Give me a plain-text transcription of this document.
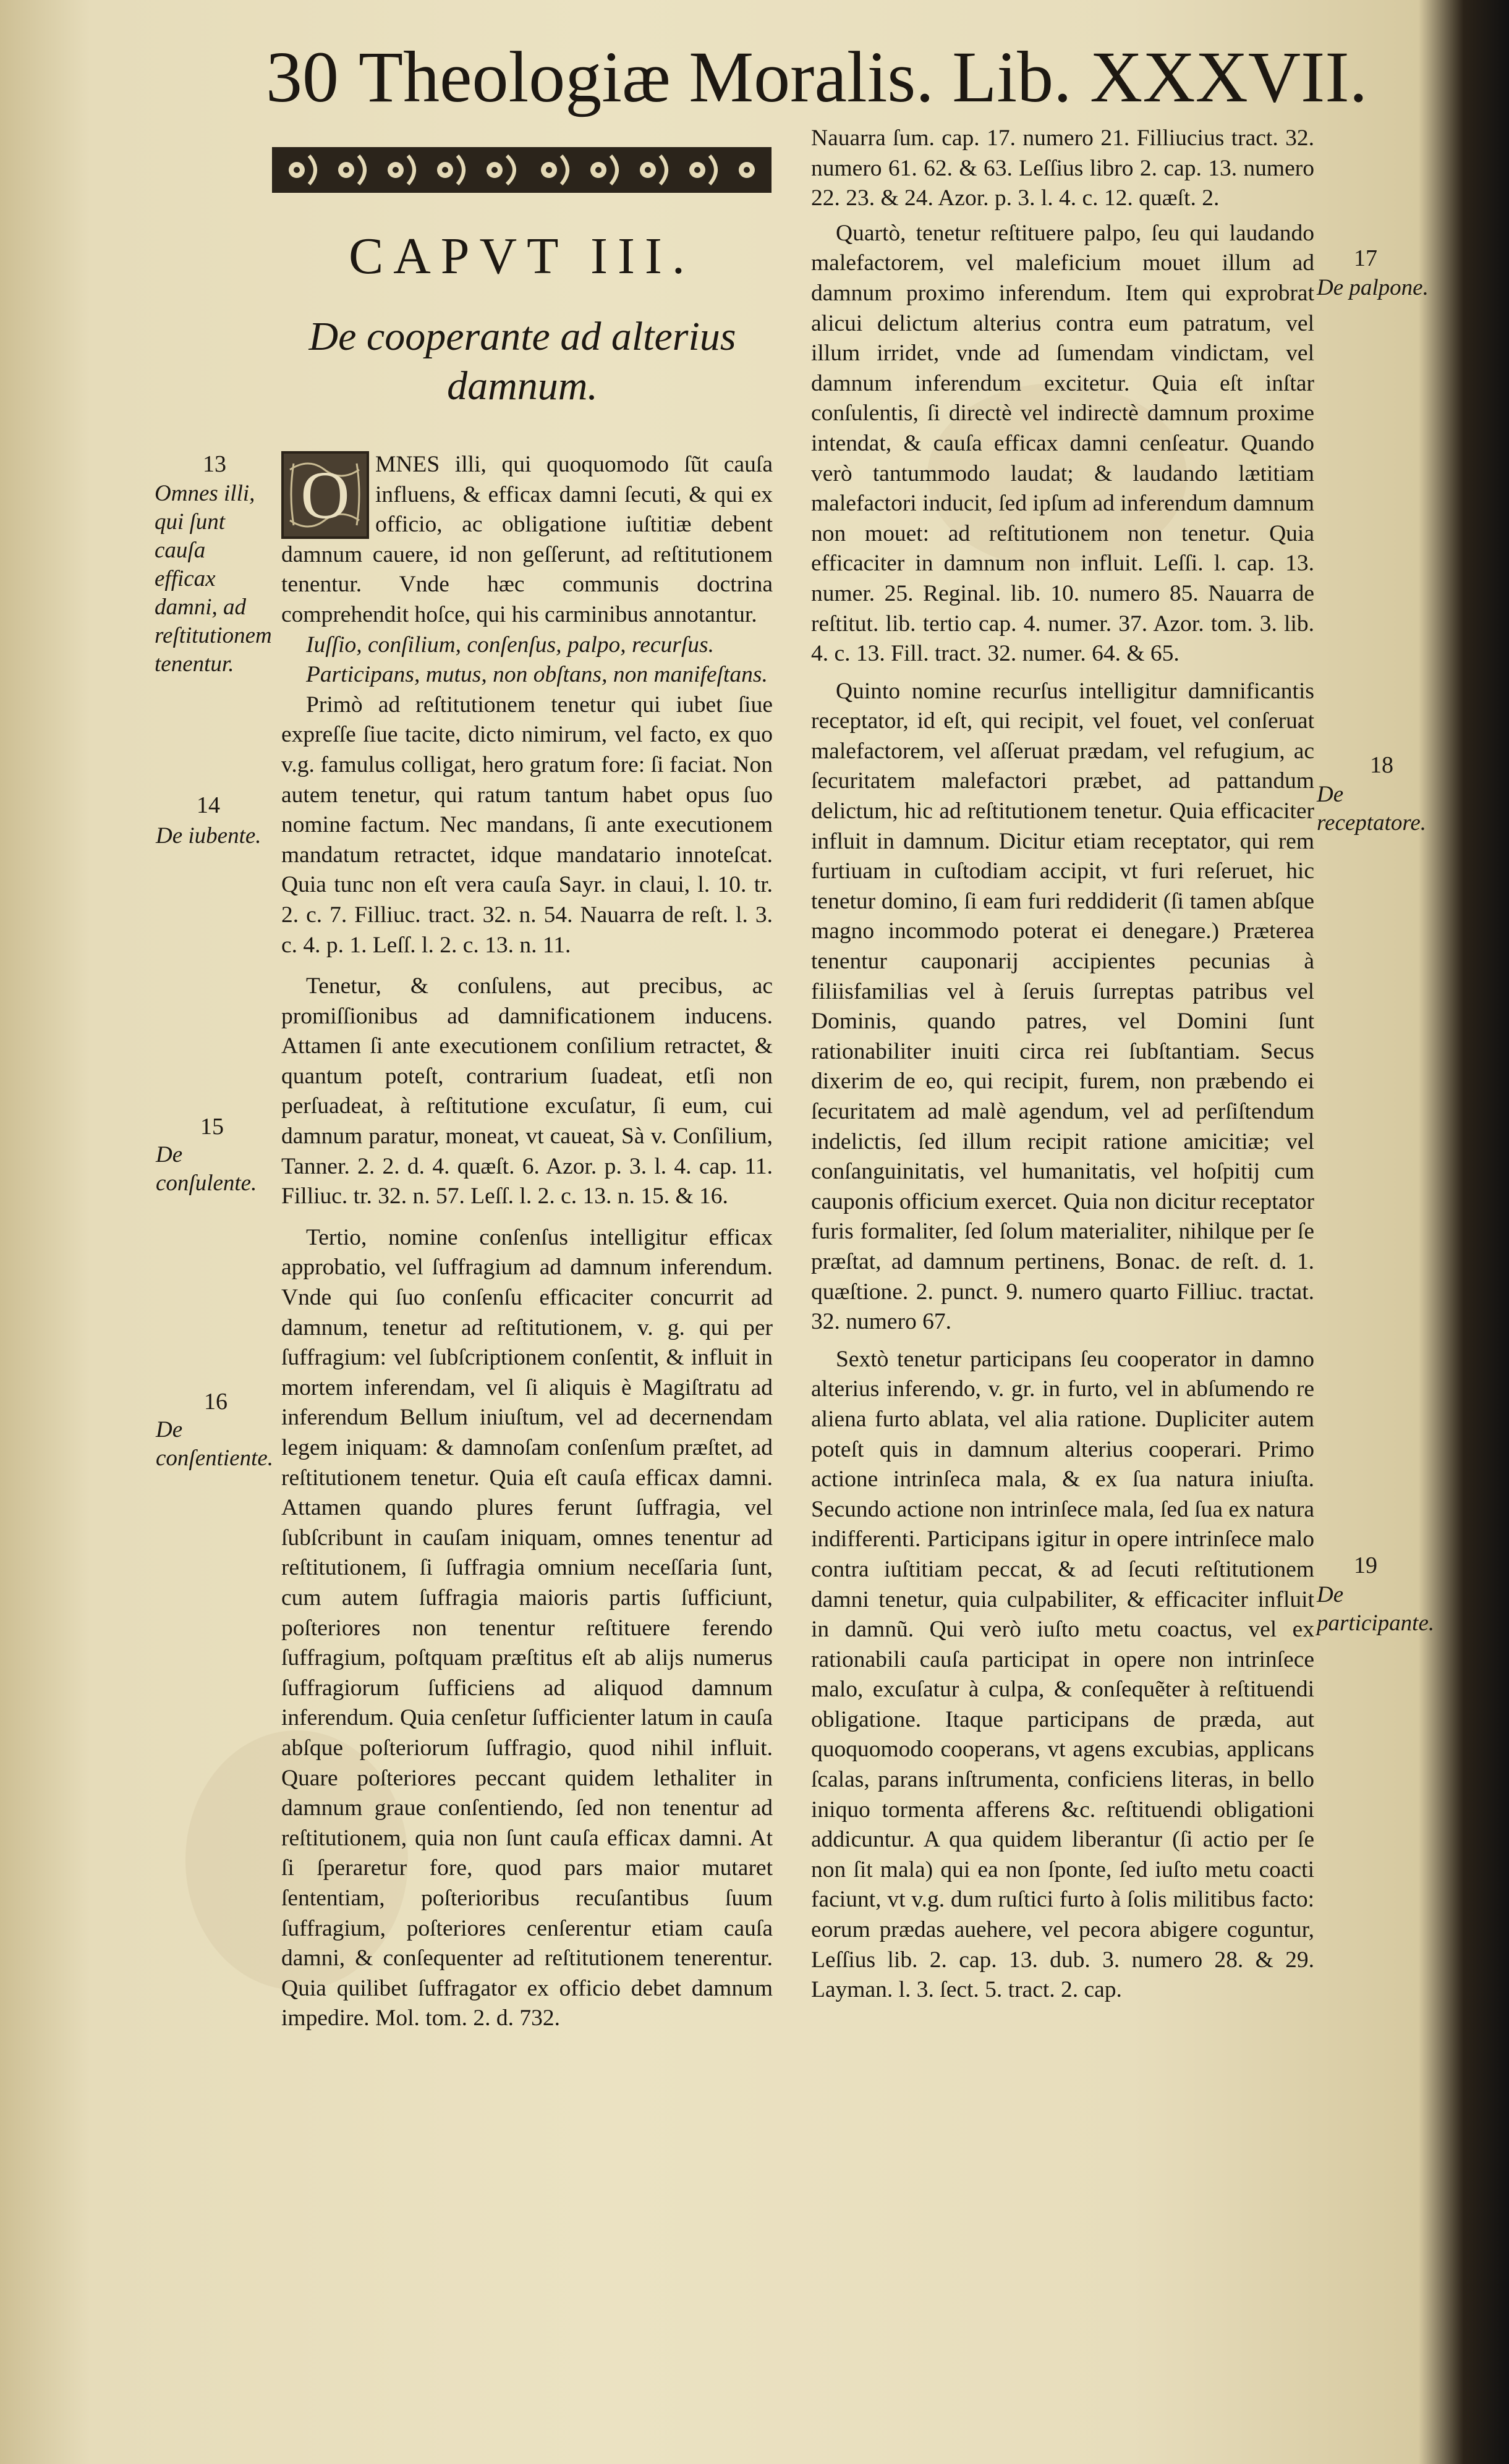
30 Theologiæ Moralis. Lib. XXXVII.
CAPVT III.
De cooperante ad alterius damnum.
13
Omnes illi, qui ſunt cauſa efficax damni, ad reſtitutionem tenentur.
14
De iubente.
15
De conſulente.
16
De conſentiente.
O	MNES illi, qui quoquomodo ſũt cauſa influens, & efficax damni ſecuti, & qui ex officio, ac obligatione iuſtitiæ debent damnum cauere, id non geſſerunt, ad reſtitutionem tenentur. Vnde hæc communis doctrina comprehendit hoſce, qui his carminibus annotantur.

Iuſſio, conſilium, conſenſus, palpo, recurſus.

Participans, mutus, non obſtans, non manifeſtans.

Primò ad reſtitutionem tenetur qui iubet ſiue expreſſe ſiue tacite, dicto nimirum, vel facto, ex quo v.g. famulus colligat, hero gratum fore: ſi faciat. Non autem tenetur, qui ratum tantum habet opus ſuo nomine factum. Nec mandans, ſi ante executionem mandatum retractet, idque mandatario innoteſcat. Quia tunc non eſt vera cauſa Sayr. in claui, l. 10. tr. 2. c. 7. Filliuc. tract. 32. n. 54. Nauarra de reſt. l. 3. c. 4. p. 1. Leſſ. l. 2. c. 13. n. 11.

Tenetur, & conſulens, aut precibus, ac promiſſionibus ad damnificationem inducens. Attamen ſi ante executionem conſilium retractet, & quantum poteſt, contrarium ſuadeat, etſi non perſuadeat, à reſtitutione excuſatur, ſi eum, cui damnum paratur, moneat, vt caueat, Sà v. Conſilium, Tanner. 2. 2. d. 4. quæſt. 6. Azor. p. 3. l. 4. cap. 11. Filliuc. tr. 32. n. 57. Leſſ. l. 2. c. 13. n. 15. & 16.

Tertio, nomine conſenſus intelligitur efficax approbatio, vel ſuffragium ad damnum inferendum. Vnde qui ſuo conſenſu efficaciter concurrit ad damnum, tenetur ad reſtitutionem, v. g. qui per ſuffragium: vel ſubſcriptionem conſentit, & influit in mortem inferendam, vel ſi aliquis è Magiſtratu ad inferendum Bellum iniuſtum, vel ad decernendam legem iniquam: & damnoſam conſenſum præſtet, ad reſtitutionem tenetur. Quia eſt cauſa efficax damni. Attamen quando plures ferunt ſuffragia, vel ſubſcribunt in cauſam iniquam, omnes tenentur ad reſtitutionem, ſi ſuffragia omnium neceſſaria ſunt, cum autem ſuffragia maioris partis ſufficiunt, poſteriores non tenentur reſtituere ferendo ſuffragium, poſtquam præſtitus eſt ab alijs numerus ſuffragiorum ſufficiens ad aliquod damnum inferendum. Quia cenſetur ſufficienter latum in cauſa abſque poſteriorum ſuffragio, quod nihil influit. Quare poſteriores peccant quidem lethaliter in damnum graue conſentiendo, ſed non tenentur ad reſtitutionem, quia non ſunt cauſa efficax damni. At ſi ſperaretur fore, quod pars maior mutaret ſententiam, poſterioribus recuſantibus ſuum ſuffragium, poſteriores cenſerentur etiam cauſa damni, & conſequenter ad reſtitutionem tenerentur. Quia quilibet ſuffragator ex officio debet damnum impedire. Mol. tom. 2. d. 732.

Nauarra ſum. cap. 17. numero 21. Filliucius tract. 32. numero 61. 62. & 63. Leſſius libro 2. cap. 13. numero 22. 23. & 24. Azor. p. 3. l. 4. c. 12. quæſt. 2.

Quartò, tenetur reſtituere palpo, ſeu qui laudando malefactorem, vel maleficium mouet illum ad damnum proximo inferendum. Item qui exprobrat alicui delictum alterius contra eum patratum, vel illum irridet, vnde ad ſumendam vindictam, vel damnum inferendum excitetur. Quia eſt inſtar conſulentis, ſi directè vel indirectè damnum proxime intendat, & cauſa efficax damni cenſeatur. Quando verò tantummodo laudat; & laudando lætitiam malefactori inducit, ſed ipſum ad inferendum damnum non mouet: ad reſtitutionem non tenetur. Quia efficaciter in damnum non influit. Leſſi. l. cap. 13. numer. 25. Reginal. lib. 10. numero 85. Nauarra de reſtitut. lib. tertio cap. 4. numer. 37. Azor. tom. 3. lib. 4. c. 13. Fill. tract. 32. numer. 64. & 65.

Quinto nomine recurſus intelligitur damnificantis receptator, id eſt, qui recipit, vel fouet, vel conſeruat malefactorem, vel aſſeruat prædam, vel refugium, ac ſecuritatem malefactori præbet, ad pattandum delictum, hic ad reſtitutionem tenetur. Quia efficaciter influit in damnum. Dicitur etiam receptator, qui rem furtiuam in cuſtodiam accipit, vt furi reſeruet, hic tenetur domino, ſi eam furi reddiderit (ſi tamen abſque magno incommodo poterat ei denegare.) Præterea tenentur cauponarij accipientes pecunias à filiisfamilias vel à ſeruis ſurreptas patribus vel Dominis, quando patres, vel Domini ſunt rationabiliter inuiti circa rei ſubſtantiam. Secus dixerim de eo, qui recipit, furem, non præbendo ei ſecuritatem ad malè agendum, vel ad perſiſtendum indelictis, ſed illum recipit ratione amicitiæ; vel conſanguinitatis, vel humanitatis, vel hoſpitij cum cauponis officium exercet. Quia non dicitur receptator furis formaliter, ſed ſolum materialiter, nihilque per ſe præſtat, ad damnum pertinens, Bonac. de reſt. d. 1. quæſtione. 2. punct. 9. numero quarto Filliuc. tractat. 32. numero 67.

Sextò tenetur participans ſeu cooperator in damno alterius inferendo, v. gr. in furto, vel in abſumendo re aliena furto ablata, vel alia ratione. Dupliciter autem poteſt quis in damnum alterius cooperari. Primo actione intrinſeca mala, & ex ſua natura iniuſta. Secundo actione non intrinſece mala, ſed ſua ex natura indifferenti. Participans igitur in opere intrinſece malo contra iuſtitiam peccat, & ad ſecuti reſtitutionem damni tenetur, quia culpabiliter, & efficaciter influit in damnũ. Qui verò iuſto metu coactus, vel ex rationabili cauſa participat in opere non intrinſece malo, excuſatur à culpa, & conſequẽter à reſtituendi obligatione. Itaque participans de præda, aut quoquomodo cooperans, vt agens excubias, applicans ſcalas, parans inſtrumenta, conficiens literas, in bello iniquo tormenta afferens &c. reſtituendi obligationi addicuntur. A qua quidem liberantur (ſi actio per ſe non ſit mala) qui ea non ſponte, ſed iuſto metu coacti faciunt, vt v.g. dum ruſtici furto à ſolis militibus facto: eorum prædas auehere, vel pecora abigere coguntur, Leſſius lib. 2. cap. 13. dub. 3. numero 28. & 29. Layman. l. 3. ſect. 5. tract. 2. cap.

17
De palpone.
18
De receptatore.
19
De participante.
